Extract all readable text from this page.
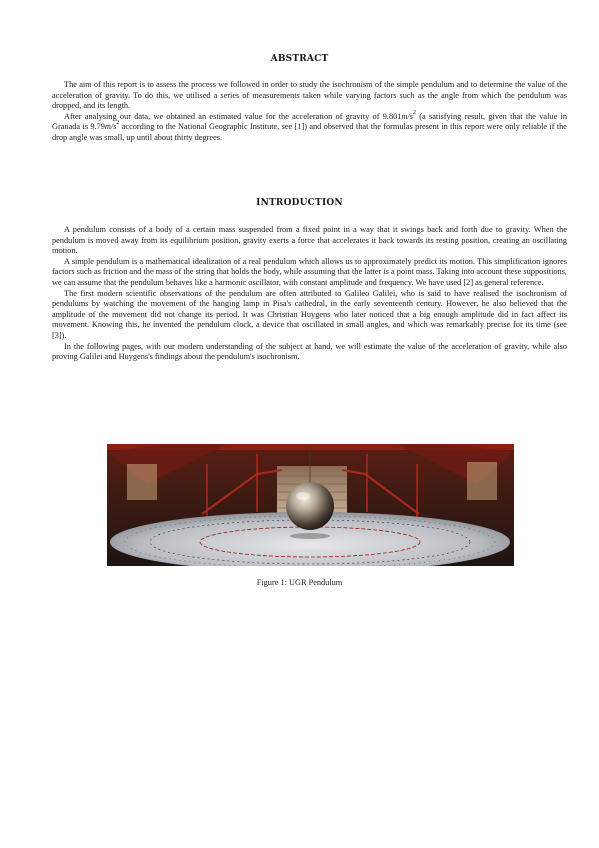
ABSTRACT

The aim of this report is to assess the process we followed in order to study the isochronism of the simple pendulum and to determine the value of the acceleration of gravity. To do this, we utilised a series of measurements taken while varying factors such as the angle from which the pendulum was dropped, and its length.

After analysing our data, we obtained an estimated value for the acceleration of gravity of $9.801m/s^2$ (a satisfying result, given that the value in Granada is $9.79m/s^2$ according to the National Geographic Institute, see [1]) and observed that the formulas present in this report were only reliable if the drop angle was small, up until about thirty degrees.

INTRODUCTION

A pendulum consists of a body of a certain mass suspended from a fixed point in a way that it swings back and forth due to gravity. When the pendulum is moved away from its equilibrium position, gravity exerts a force that accelerates it back towards its resting position, creating an oscillating motion.

A simple pendulum is a mathematical idealization of a real pendulum which allows us to approximately predict its motion. This simplification ignores factors such as friction and the mass of the string that holds the body, while assuming that the latter is a point mass. Taking into account these suppositions, we can assume that the pendulum behaves like a harmonic oscillator, with constant amplitude and frequency. We have used [2] as general reference.

The first modern scientific observations of the pendulum are often attributed to Galileo Galilei, who is said to have realised the isochronism of pendulums by watching the movement of the hanging lamp in Pisa's cathedral, in the early seventeenth century. However, he also believed that the amplitude of the movement did not change its period. It was Christian Huygens who later noticed that a big enough amplitude did in fact affect its movement. Knowing this, he invented the pendulum clock, a device that oscillated in small angles, and which was remarkably precise for its time (see [3]).

In the following pages, with our modern understanding of the subject at hand, we will estimate the value of the acceleration of gravity, while also proving Galilei and Huygens's findings about the pendulum's isochronism.

Figure 1: UGR Pendulum
